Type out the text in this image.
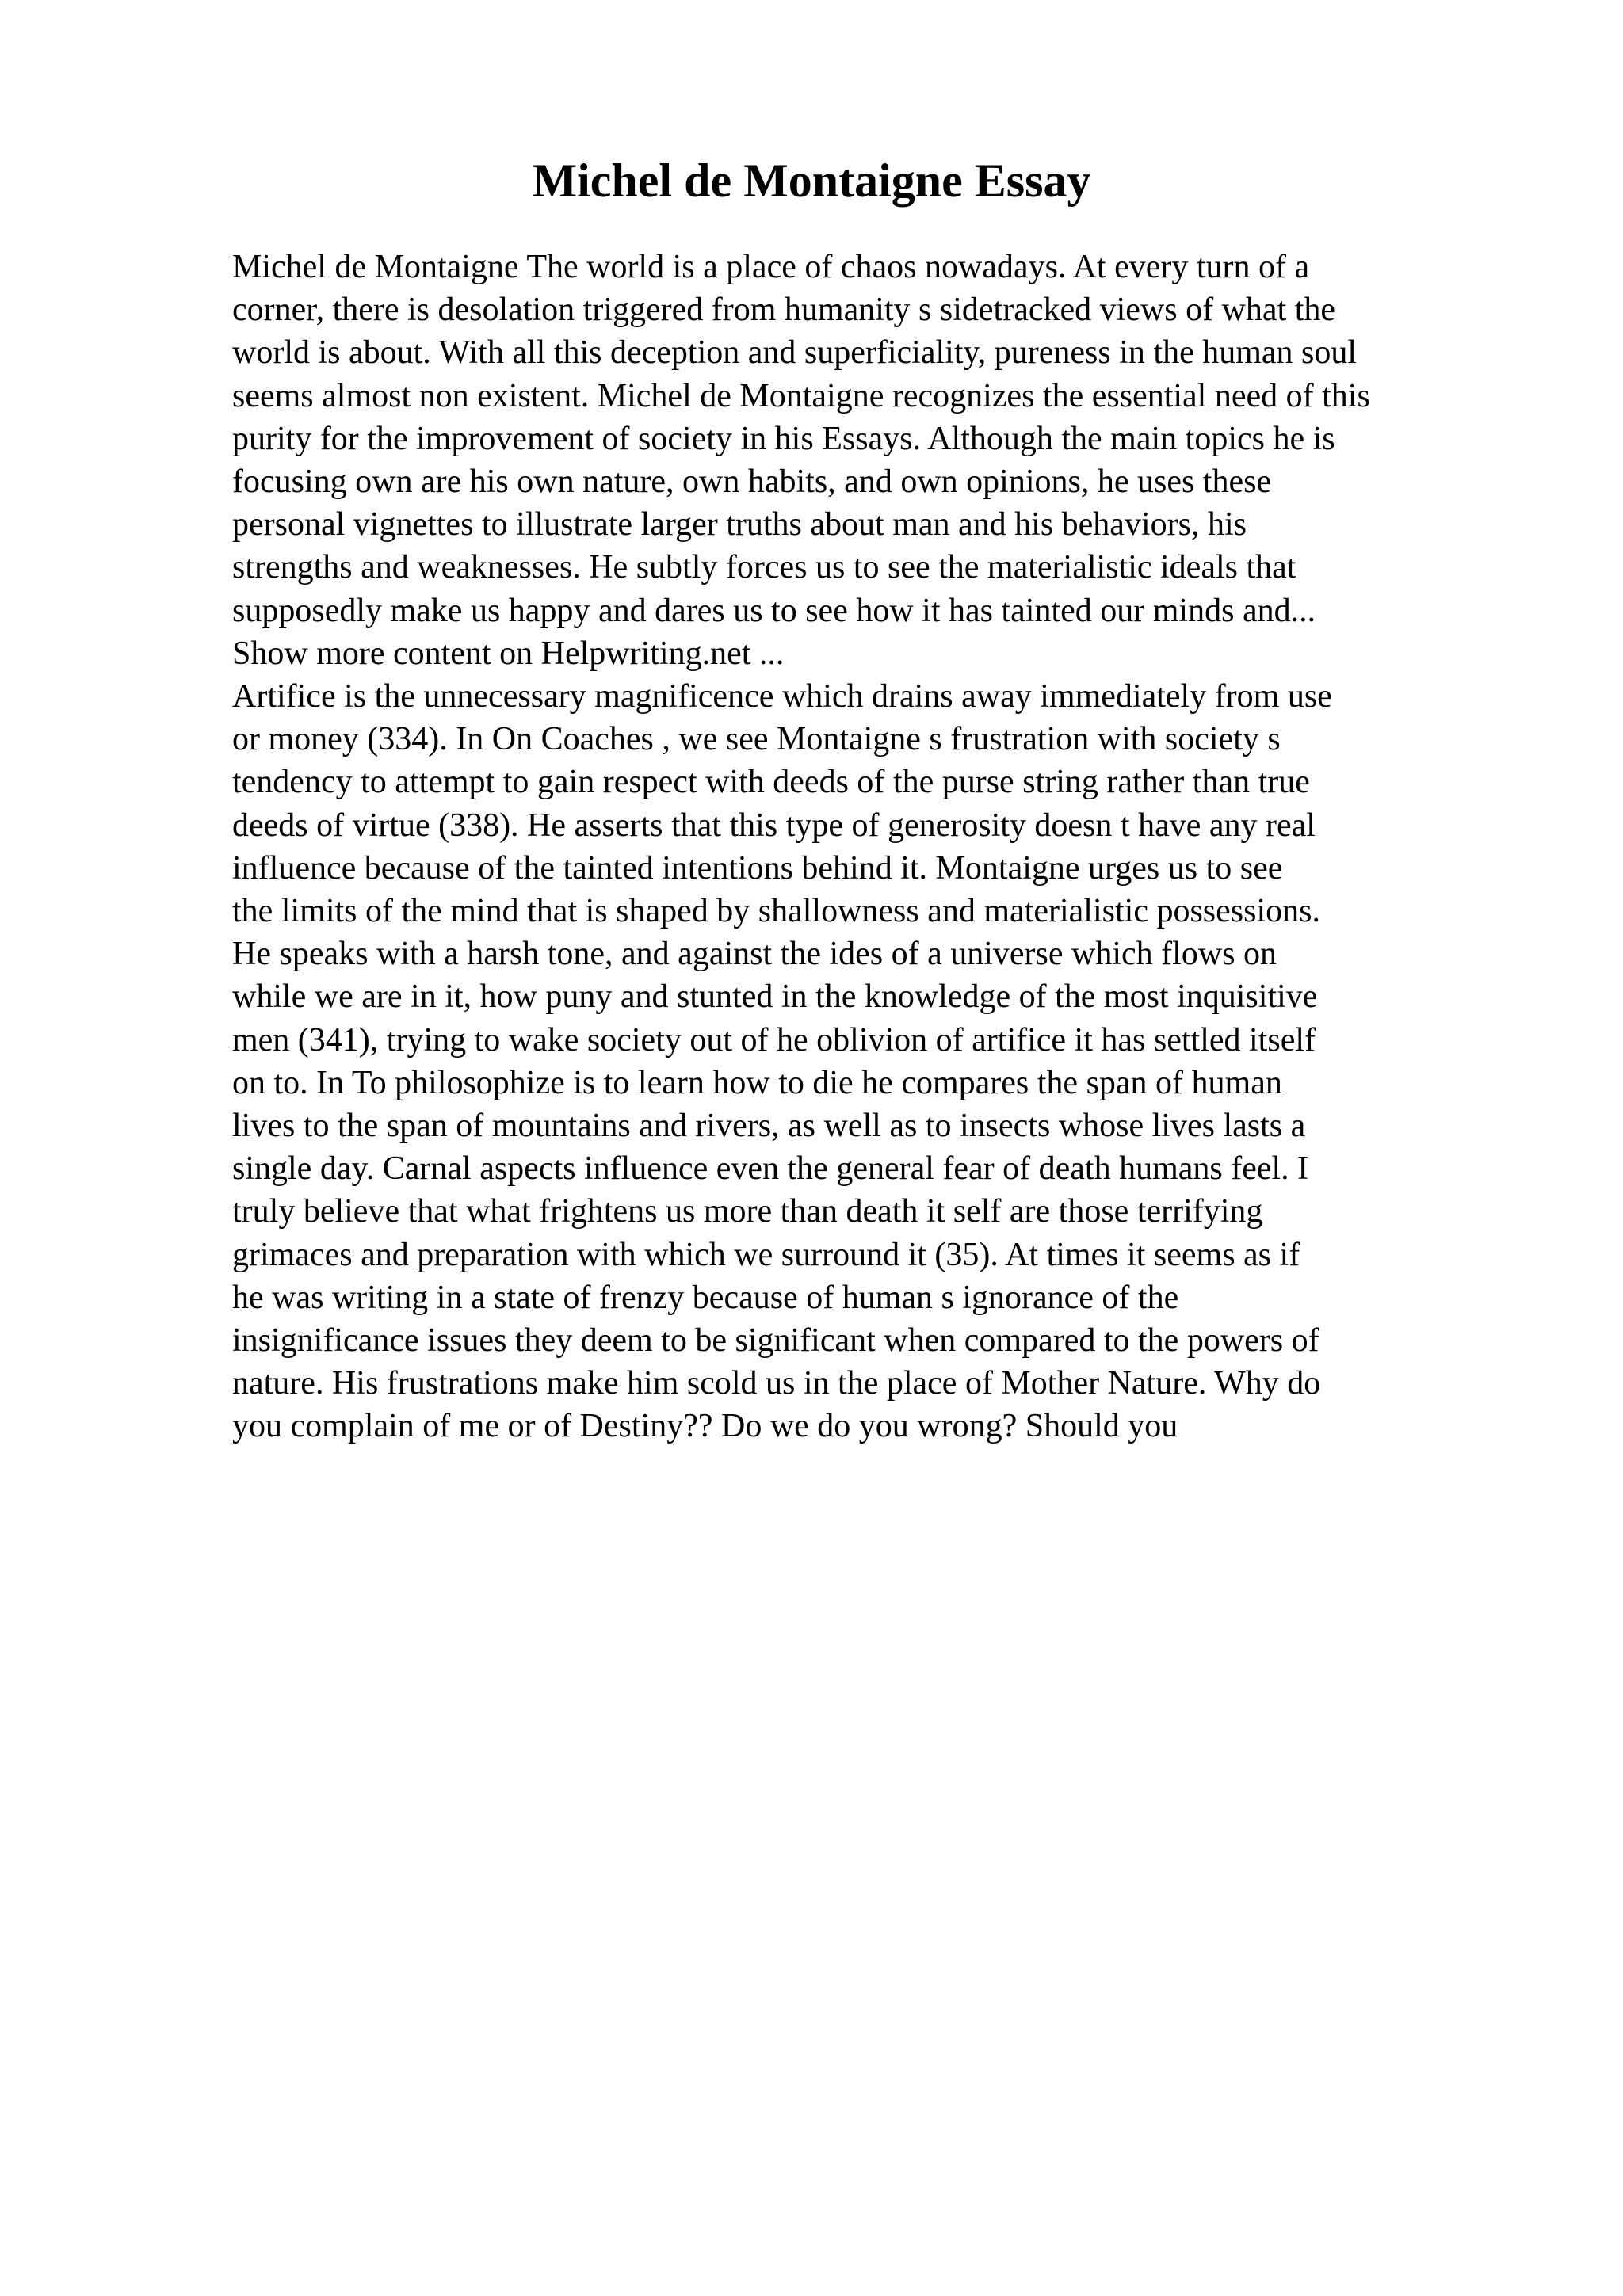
Michel de Montaigne Essay
Michel de Montaigne The world is a place of chaos nowadays. At every turn of a
corner, there is desolation triggered from humanity s sidetracked views of what the
world is about. With all this deception and superficiality, pureness in the human soul
seems almost non existent. Michel de Montaigne recognizes the essential need of this
purity for the improvement of society in his Essays. Although the main topics he is
focusing own are his own nature, own habits, and own opinions, he uses these
personal vignettes to illustrate larger truths about man and his behaviors, his
strengths and weaknesses. He subtly forces us to see the materialistic ideals that
supposedly make us happy and dares us to see how it has tainted our minds and...
Show more content on Helpwriting.net ...
Artifice is the unnecessary magnificence which drains away immediately from use
or money (334). In On Coaches , we see Montaigne s frustration with society s
tendency to attempt to gain respect with deeds of the purse string rather than true
deeds of virtue (338). He asserts that this type of generosity doesn t have any real
influence because of the tainted intentions behind it. Montaigne urges us to see
the limits of the mind that is shaped by shallowness and materialistic possessions.
He speaks with a harsh tone, and against the ides of a universe which flows on
while we are in it, how puny and stunted in the knowledge of the most inquisitive
men (341), trying to wake society out of he oblivion of artifice it has settled itself
on to. In To philosophize is to learn how to die he compares the span of human
lives to the span of mountains and rivers, as well as to insects whose lives lasts a
single day. Carnal aspects influence even the general fear of death humans feel. I
truly believe that what frightens us more than death it self are those terrifying
grimaces and preparation with which we surround it (35). At times it seems as if
he was writing in a state of frenzy because of human s ignorance of the
insignificance issues they deem to be significant when compared to the powers of
nature. His frustrations make him scold us in the place of Mother Nature. Why do
you complain of me or of Destiny?? Do we do you wrong? Should you
